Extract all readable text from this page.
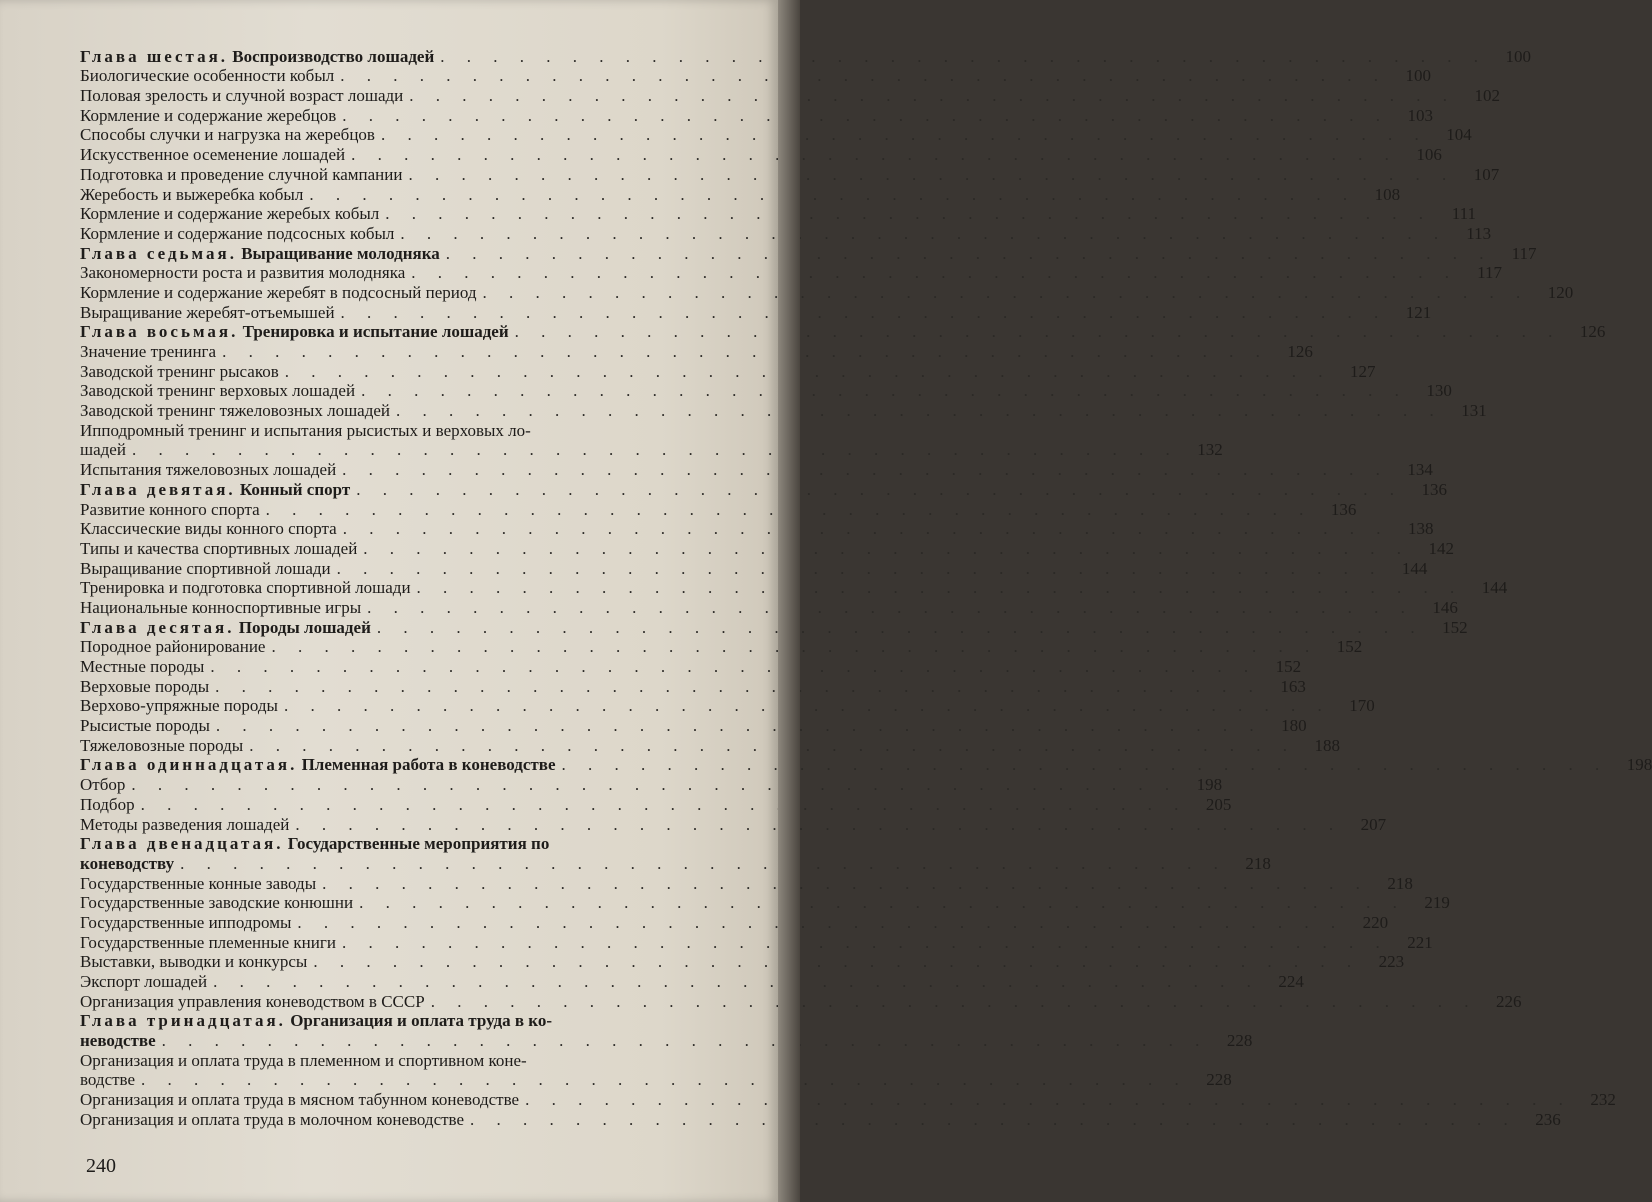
Глава шестая. Воспроизводство лошадей . . .	100
Биологические особенности кобыл . . .	100
Половая зрелость и случной возраст лошади . . .	102
Кормление и содержание жеребцов . . .	103
Способы случки и нагрузка на жеребцов . . .	104
Искусственное осеменение лошадей . . .	106
Подготовка и проведение случной кампании . . .	107
Жеребость и выжеребка кобыл . . .	108
Кормление и содержание жеребых кобыл . . .	111
Кормление и содержание подсосных кобыл . . .	113
Глава седьмая. Выращивание молодняка . . .	117
Закономерности роста и развития молодняка . . .	117
Кормление и содержание жеребят в подсосный период . . .	120
Выращивание жеребят-отъемышей . . .	121
Глава восьмая. Тренировка и испытание лошадей . . .	126
Значение тренинга . . .	126
Заводской тренинг рысаков . . .	127
Заводской тренинг верховых лошадей . . .	130
Заводской тренинг тяжеловозных лошадей . . .	131
Ипподромный тренинг и испытания рысистых и верховых ло-
шадей . . .	132
Испытания тяжеловозных лошадей . . .	134
Глава девятая. Конный спорт . . .	136
Развитие конного спорта . . .	136
Классические виды конного спорта . . .	138
Типы и качества спортивных лошадей . . .	142
Выращивание спортивной лошади . . .	144
Тренировка и подготовка спортивной лошади . . .	144
Национальные конноспортивные игры . . .	146
Глава десятая. Породы лошадей . . .	152
Породное районирование . . .	152
Местные породы . . .	152
Верховые породы . . .	163
Верхово-упряжные породы . . .	170
Рысистые породы . . .	180
Тяжеловозные породы . . .	188
Глава одиннадцатая. Племенная работа в коневодстве . . .	198
Отбор . . .	198
Подбор . . .	205
Методы разведения лошадей . . .	207
Глава двенадцатая. Государственные мероприятия по
коневодству . . .	218
Государственные конные заводы . . .	218
Государственные заводские конюшни . . .	219
Государственные ипподромы . . .	220
Государственные племенные книги . . .	221
Выставки, выводки и конкурсы . . .	223
Экспорт лошадей . . .	224
Организация управления коневодством в СССР . . .	226
Глава тринадцатая. Организация и оплата труда в ко-
неводстве . . .	228
Организация и оплата труда в племенном и спортивном коне-
водстве . . .	228
Организация и оплата труда в мясном табунном коневодстве . . .	232
Организация и оплата труда в молочном коневодстве . . .	236
240
